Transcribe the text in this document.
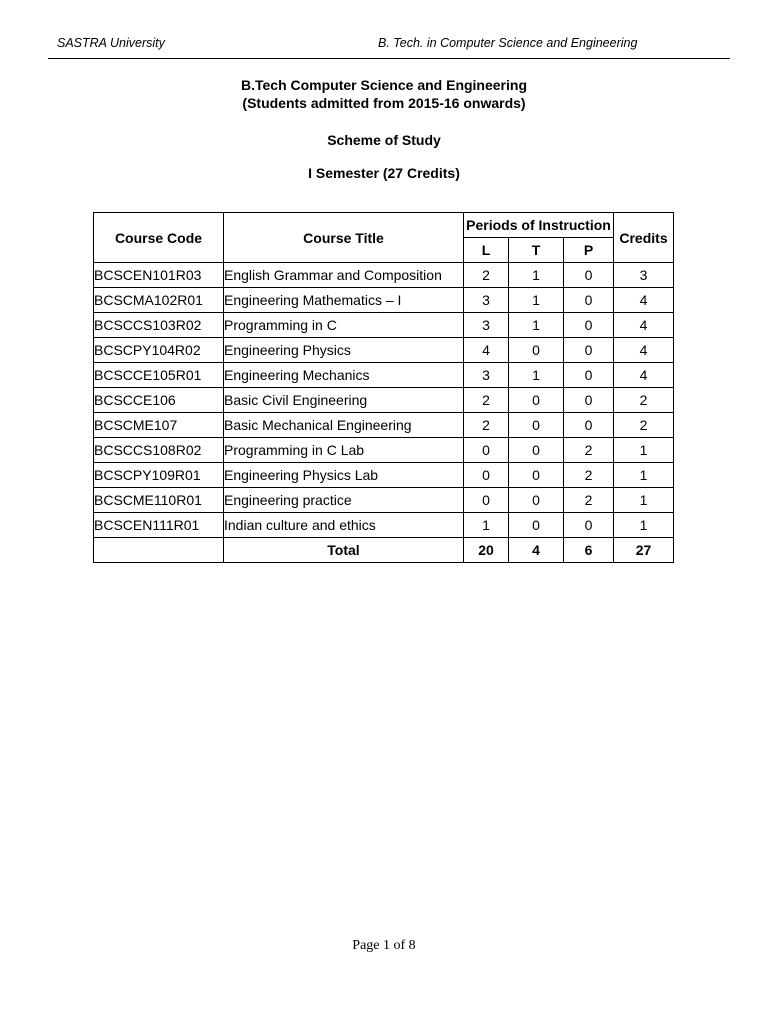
SASTRA University	B. Tech. in Computer Science and Engineering
B.Tech Computer Science and Engineering
(Students admitted from 2015-16 onwards)
Scheme of Study
I Semester (27 Credits)
Course Code	Course Title	Periods of Instruction			Credits
		L	T	P	
BCSCEN101R03	English Grammar and Composition	2	1	0	3
BCSCMA102R01	Engineering Mathematics – I	3	1	0	4
BCSCCS103R02	Programming in C	3	1	0	4
BCSCPY104R02	Engineering Physics	4	0	0	4
BCSCCE105R01	Engineering Mechanics	3	1	0	4
BCSCCE106	Basic Civil Engineering	2	0	0	2
BCSCME107	Basic Mechanical Engineering	2	0	0	2
BCSCCS108R02	Programming in C Lab	0	0	2	1
BCSCPY109R01	Engineering Physics Lab	0	0	2	1
BCSCME110R01	Engineering practice	0	0	2	1
BCSCEN111R01	Indian culture and ethics	1	0	0	1
	Total	20	4	6	27
Page 1 of 8
